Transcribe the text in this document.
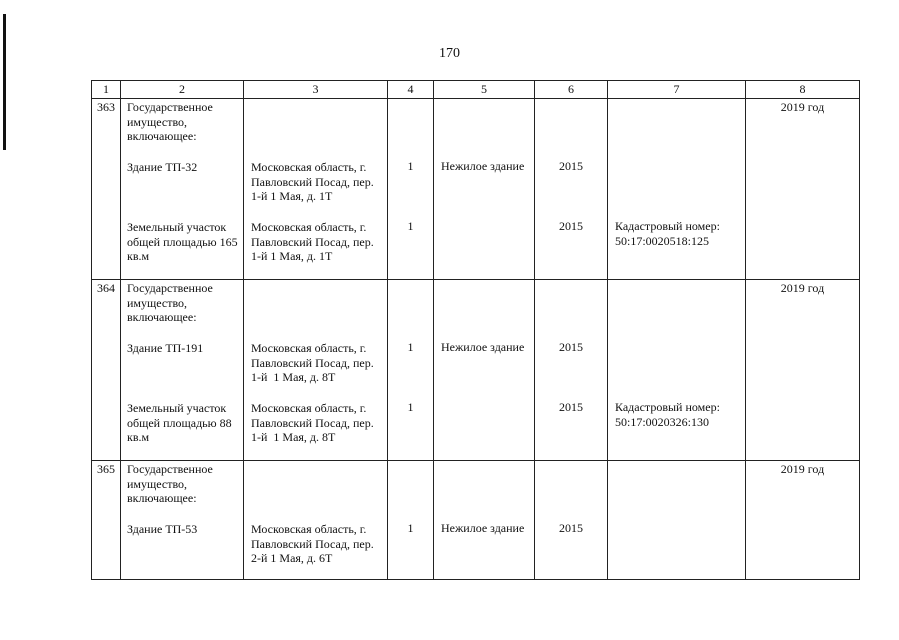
170
1	2	3	4	5	6	7	8
363	Государственное имущество, включающее:						2019 год
	Здание ТП-32	Московская область, г. Павловский Посад, пер. 1-й 1 Мая, д. 1Т	1	Нежилое здание	2015		
	Земельный участок общей площадью 165 кв.м	Московская область, г. Павловский Посад, пер. 1-й 1 Мая, д. 1Т	1		2015	Кадастровый номер: 50:17:0020518:125	
364	Государственное имущество, включающее:						2019 год
	Здание ТП-191	Московская область, г. Павловский Посад, пер. 1-й  1 Мая, д. 8Т	1	Нежилое здание	2015		
	Земельный участок общей площадью 88 кв.м	Московская область, г. Павловский Посад, пер. 1-й  1 Мая, д. 8Т	1		2015	Кадастровый номер: 50:17:0020326:130	
365	Государственное имущество, включающее:						2019 год
	Здание ТП-53	Московская область, г. Павловский Посад, пер. 2-й 1 Мая, д. 6Т	1	Нежилое здание	2015		
